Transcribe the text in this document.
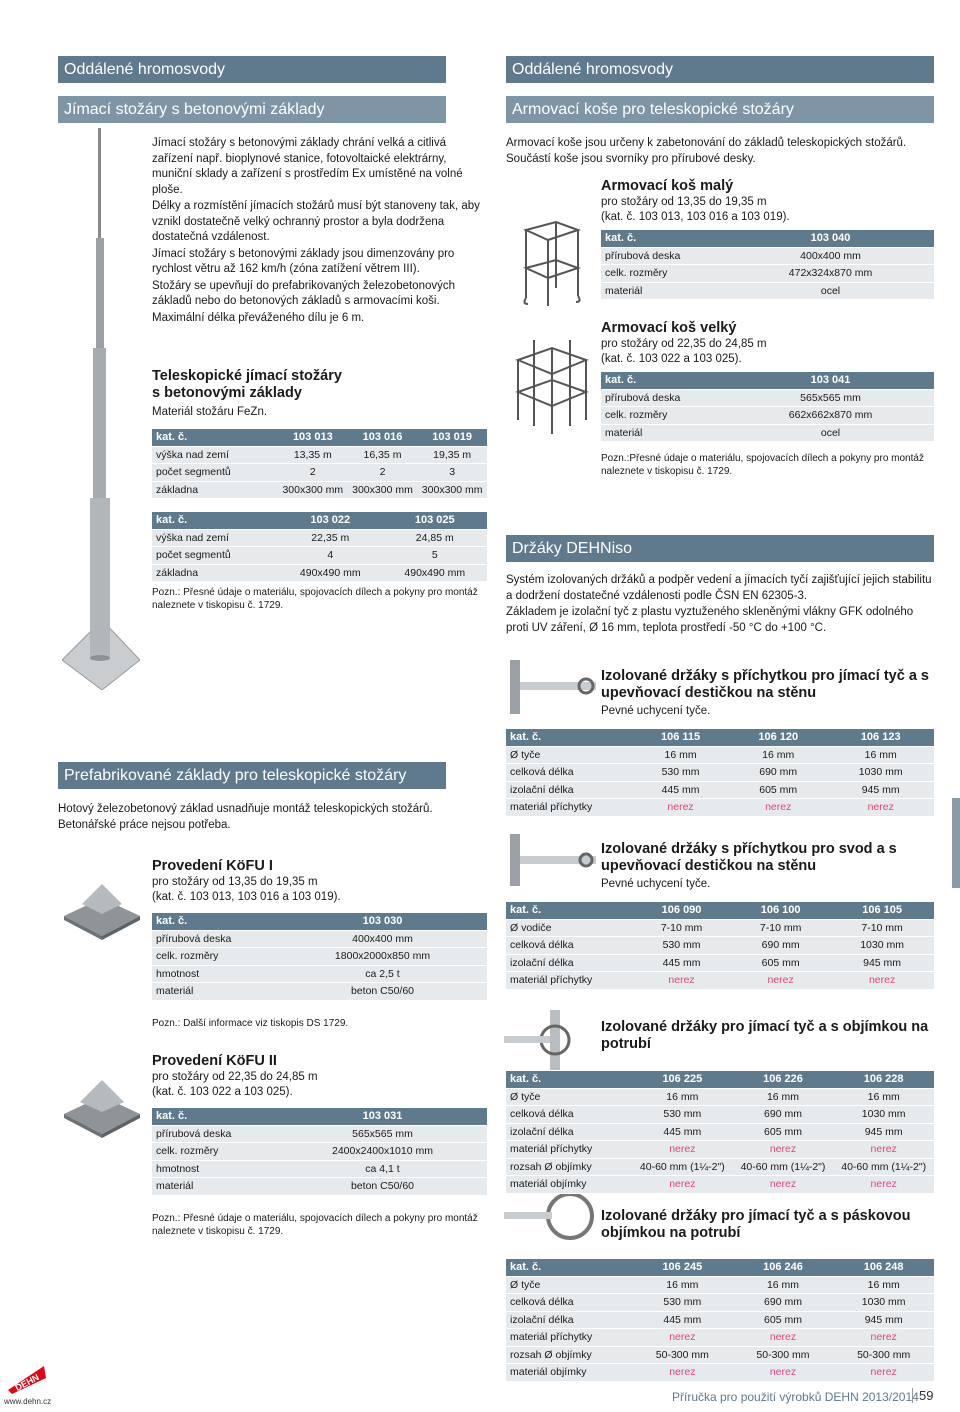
Oddálené hromosvody
Jímací stožáry s betonovými základy

Jímací stožáry s betonovými základy chrání velká a citlivá zařízení např. bioplynové stanice, fotovoltaické elektrárny, muniční sklady a zařízení s prostředím Ex umístěné na volné ploše.

Délky a rozmístění jímacích stožárů musí být stanoveny tak, aby vznikl dostatečně velký ochranný prostor a byla dodržena dostatečná vzdálenost.

Jímací stožáry s betonovými základy jsou dimenzovány pro rychlost větru až 162 km/h (zóna zatížení větrem III).

Stožáry se upevňují do prefabrikovaných železobetonových základů nebo do betonových základů s armovacími koši.

Maximální délka převáženého dílu je 6 m.

Teleskopické jímací stožáry s betonovými základy
Materiál stožáru FeZn.
kat. č.	103 013	103 016	103 019
výška nad zemí	13,35 m	16,35 m	19,35 m
počet segmentů	2	2	3
základna	300x300 mm	300x300 mm	300x300 mm
kat. č.	103 022	103 025
výška nad zemí	22,35 m	24,85 m
počet segmentů	4	5
základna	490x490 mm	490x490 mm
Pozn.: Přesné údaje o materiálu, spojovacích dílech a pokyny pro montáž naleznete v tiskopisu č. 1729.
Prefabrikované základy pro teleskopické stožáry
Hotový železobetonový základ usnadňuje montáž teleskopických stožárů. Betonářské práce nejsou potřeba.
Provedení KöFU I
pro stožáry od 13,35 do 19,35 m
(kat. č. 103 013, 103 016 a 103 019).
kat. č.	103 030
přírubová deska	400x400 mm
celk. rozměry	1800x2000x850 mm
hmotnost	ca 2,5 t
materiál	beton C50/60
Pozn.: Další informace viz tiskopis DS 1729.
Provedení KöFU II
pro stožáry od 22,35 do 24,85 m
(kat. č. 103 022 a 103 025).
kat. č.	103 031
přírubová deska	565x565 mm
celk. rozměry	2400x2400x1010 mm
hmotnost	ca 4,1 t
materiál	beton C50/60
Pozn.: Přesné údaje o materiálu, spojovacích dílech a pokyny pro montáž naleznete v tiskopisu č. 1729.
Oddálené hromosvody
Armovací koše pro teleskopické stožáry
Armovací koše jsou určeny k zabetonování do základů teleskopických stožárů. Součástí koše jsou svorníky pro přírubové desky.
Armovací koš malý
pro stožáry od 13,35 do 19,35 m
(kat. č. 103 013, 103 016 a 103 019).
kat. č.	103 040
přírubová deska	400x400 mm
celk. rozměry	472x324x870 mm
materiál	ocel
Armovací koš velký
pro stožáry od 22,35 do 24,85 m
(kat. č. 103 022 a 103 025).
kat. č.	103 041
přírubová deska	565x565 mm
celk. rozměry	662x662x870 mm
materiál	ocel
Pozn.:Přesné údaje o materiálu, spojovacích dílech a pokyny pro montáž naleznete v tiskopisu č. 1729.
Držáky DEHNiso

Systém izolovaných držáků a podpěr vedení a jímacích tyčí zajišťující jejich stabilitu a dodržení dostatečné vzdálenosti podle ČSN EN 62305-3.

Základem je izolační tyč z plastu vyztuženého skleněnými vlákny GFK odolného proti UV záření, Ø 16 mm, teplota prostředí -50 °C do +100 °C.

Izolované držáky s příchytkou pro jímací tyč a s upevňovací destičkou na stěnu
Pevné uchycení tyče.
kat. č.	106 115	106 120	106 123
Ø tyče	16 mm	16 mm	16 mm
celková délka	530 mm	690 mm	1030 mm
izolační délka	445 mm	605 mm	945 mm
materiál příchytky	nerez	nerez	nerez
Izolované držáky s příchytkou pro svod a s upevňovací destičkou na stěnu
Pevné uchycení tyče.
kat. č.	106 090	106 100	106 105
Ø vodiče	7-10 mm	7-10 mm	7-10 mm
celková délka	530 mm	690 mm	1030 mm
izolační délka	445 mm	605 mm	945 mm
materiál příchytky	nerez	nerez	nerez
Izolované držáky pro jímací tyč a s objímkou na potrubí
kat. č.	106 225	106 226	106 228
Ø tyče	16 mm	16 mm	16 mm
celková délka	530 mm	690 mm	1030 mm
izolační délka	445 mm	605 mm	945 mm
materiál příchytky	nerez	nerez	nerez
rozsah Ø objímky	40-60 mm (1¼-2")	40-60 mm (1¼-2")	40-60 mm (1¼-2")
materiál objímky	nerez	nerez	nerez
Izolované držáky pro jímací tyč a s páskovou objímkou na potrubí
kat. č.	106 245	106 246	106 248
Ø tyče	16 mm	16 mm	16 mm
celková délka	530 mm	690 mm	1030 mm
izolační délka	445 mm	605 mm	945 mm
materiál příchytky	nerez	nerez	nerez
rozsah Ø objímky	50-300 mm	50-300 mm	50-300 mm
materiál objímky	nerez	nerez	nerez
DEHN
www.dehn.cz	Příručka pro použití výrobků DEHN 2013/2014 59
